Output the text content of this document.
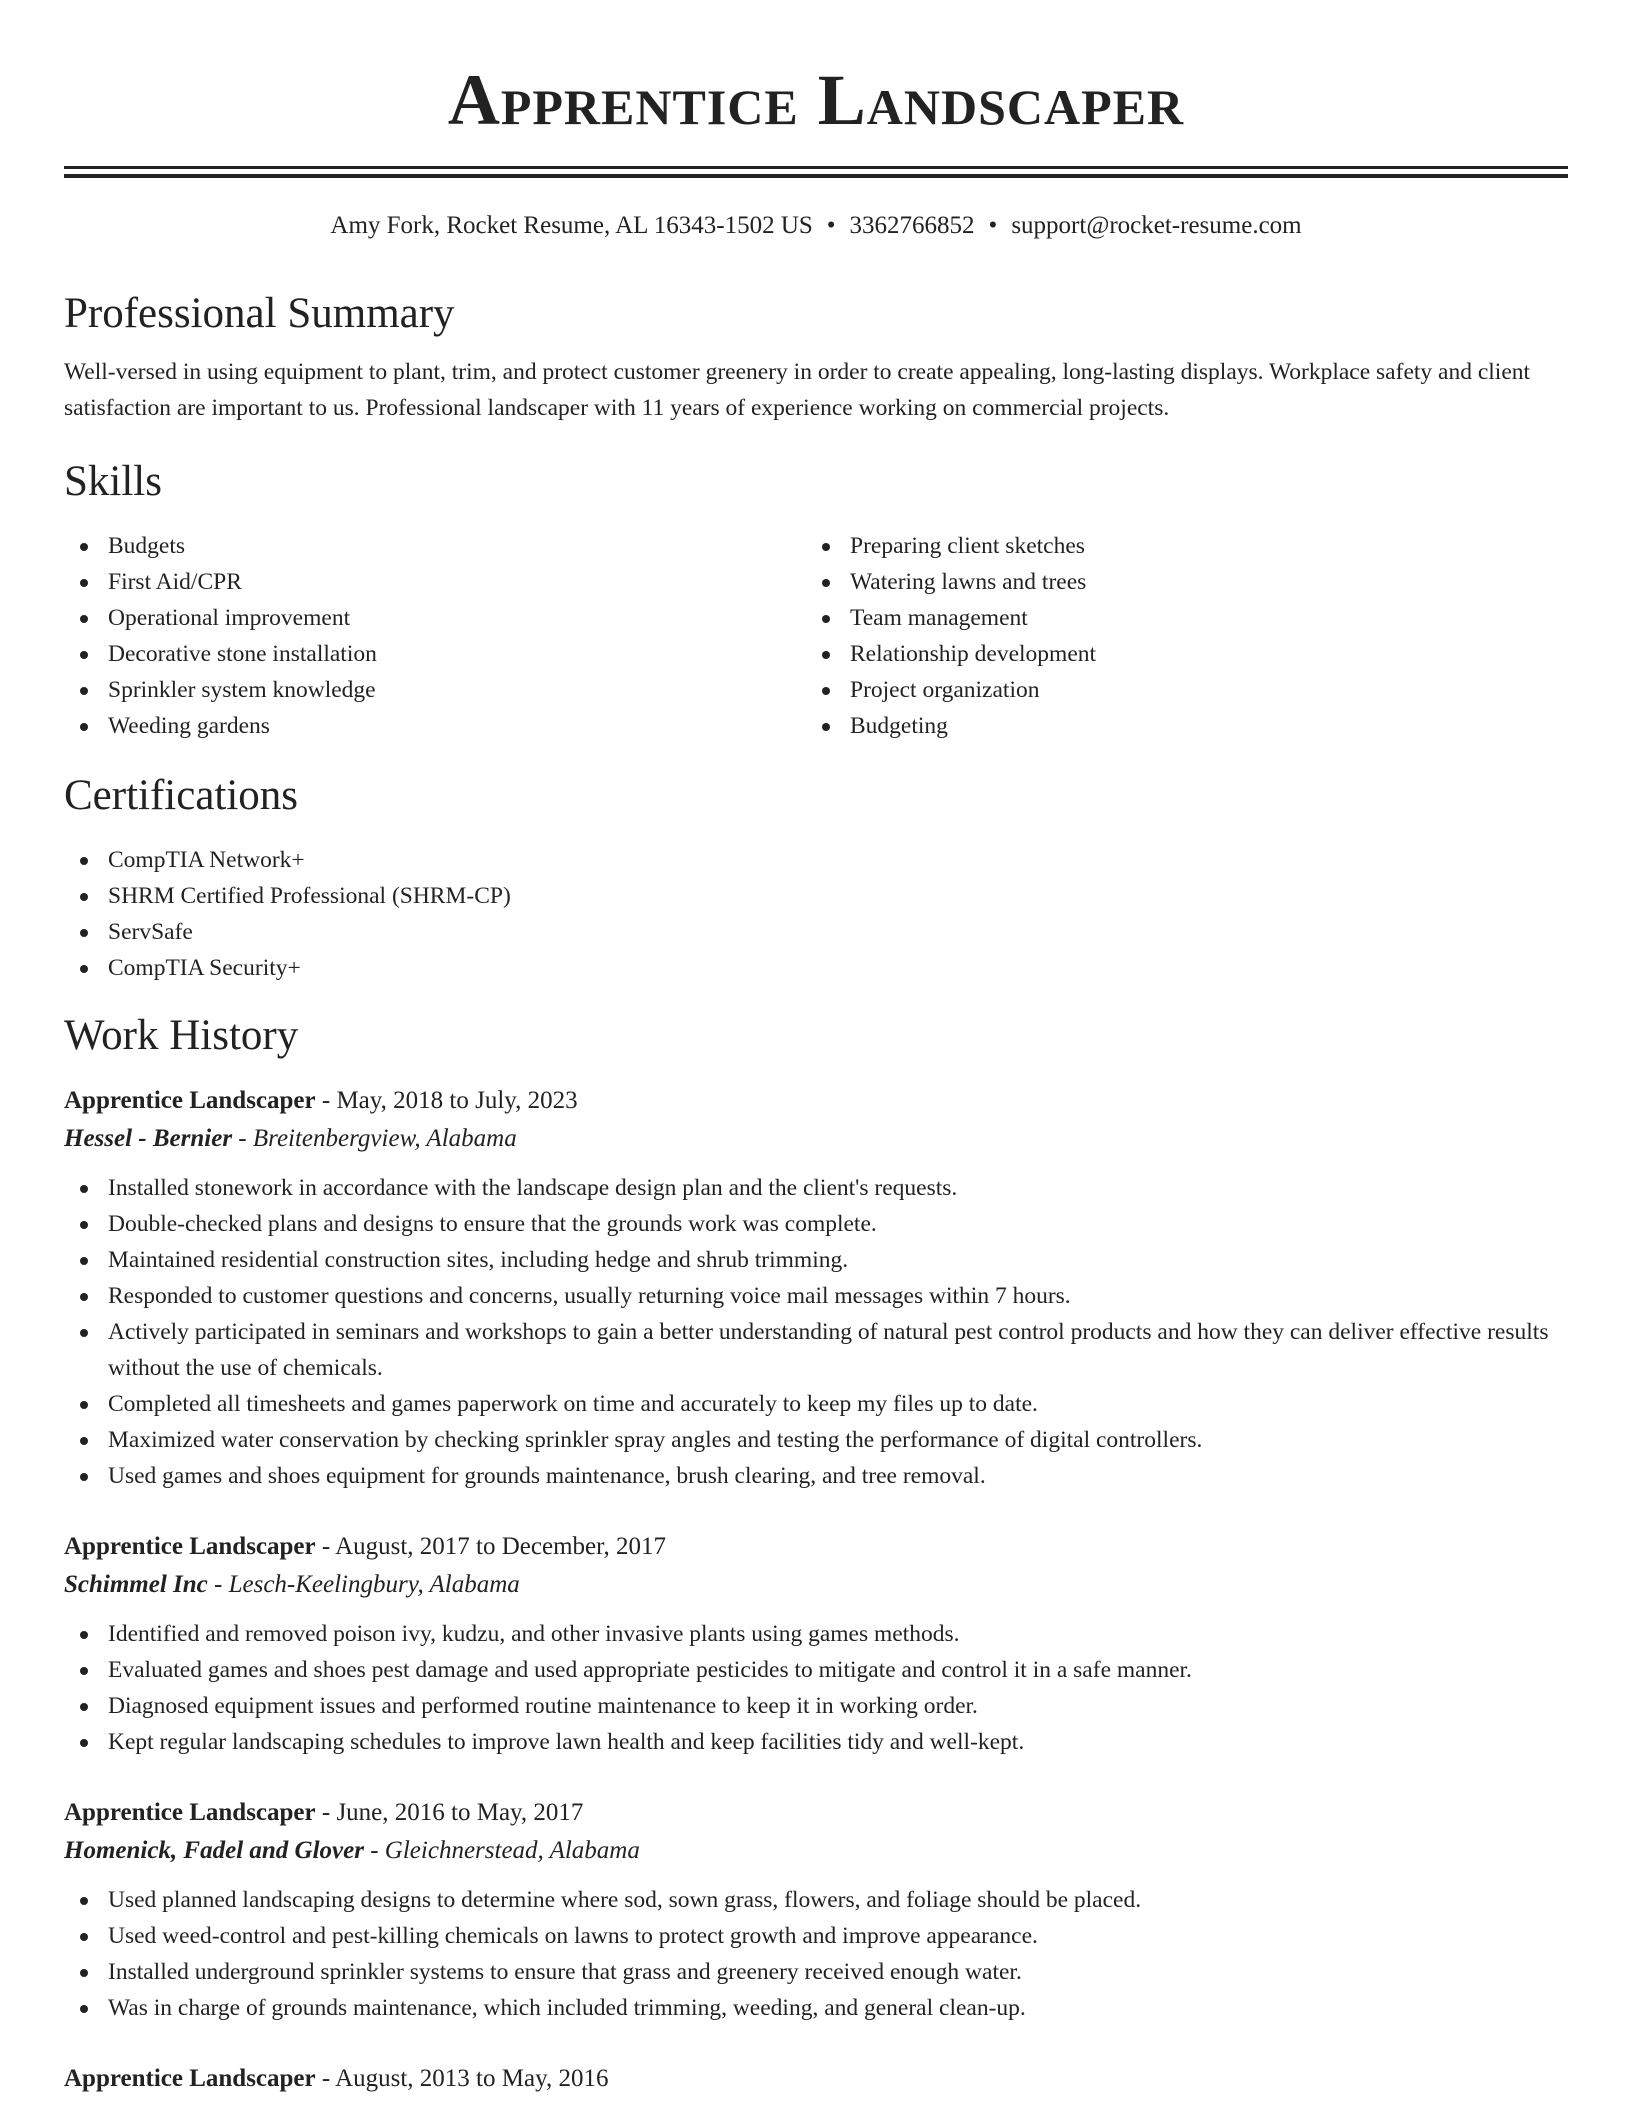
Apprentice Landscaper
Amy Fork, Rocket Resume, AL 16343-1502 US • 3362766852 • support@rocket-resume.com
Professional Summary

Well-versed in using equipment to plant, trim, and protect customer greenery in order to create appealing, long-lasting displays. Workplace safety and client satisfaction are important to us. Professional landscaper with 11 years of experience working on commercial projects.

Skills
Budgets
First Aid/CPR
Operational improvement
Decorative stone installation
Sprinkler system knowledge
Weeding gardens
Preparing client sketches
Watering lawns and trees
Team management
Relationship development
Project organization
Budgeting
Certifications
CompTIA Network+
SHRM Certified Professional (SHRM-CP)
ServSafe
CompTIA Security+
Work History
Apprentice Landscaper - May, 2018 to July, 2023
Hessel - Bernier - Breitenbergview, Alabama
Installed stonework in accordance with the landscape design plan and the client's requests.
Double-checked plans and designs to ensure that the grounds work was complete.
Maintained residential construction sites, including hedge and shrub trimming.
Responded to customer questions and concerns, usually returning voice mail messages within 7 hours.
Actively participated in seminars and workshops to gain a better understanding of natural pest control products and how they can deliver effective results without the use of chemicals.
Completed all timesheets and games paperwork on time and accurately to keep my files up to date.
Maximized water conservation by checking sprinkler spray angles and testing the performance of digital controllers.
Used games and shoes equipment for grounds maintenance, brush clearing, and tree removal.
Apprentice Landscaper - August, 2017 to December, 2017
Schimmel Inc - Lesch-Keelingbury, Alabama
Identified and removed poison ivy, kudzu, and other invasive plants using games methods.
Evaluated games and shoes pest damage and used appropriate pesticides to mitigate and control it in a safe manner.
Diagnosed equipment issues and performed routine maintenance to keep it in working order.
Kept regular landscaping schedules to improve lawn health and keep facilities tidy and well-kept.
Apprentice Landscaper - June, 2016 to May, 2017
Homenick, Fadel and Glover - Gleichnerstead, Alabama
Used planned landscaping designs to determine where sod, sown grass, flowers, and foliage should be placed.
Used weed-control and pest-killing chemicals on lawns to protect growth and improve appearance.
Installed underground sprinkler systems to ensure that grass and greenery received enough water.
Was in charge of grounds maintenance, which included trimming, weeding, and general clean-up.
Apprentice Landscaper - August, 2013 to May, 2016
